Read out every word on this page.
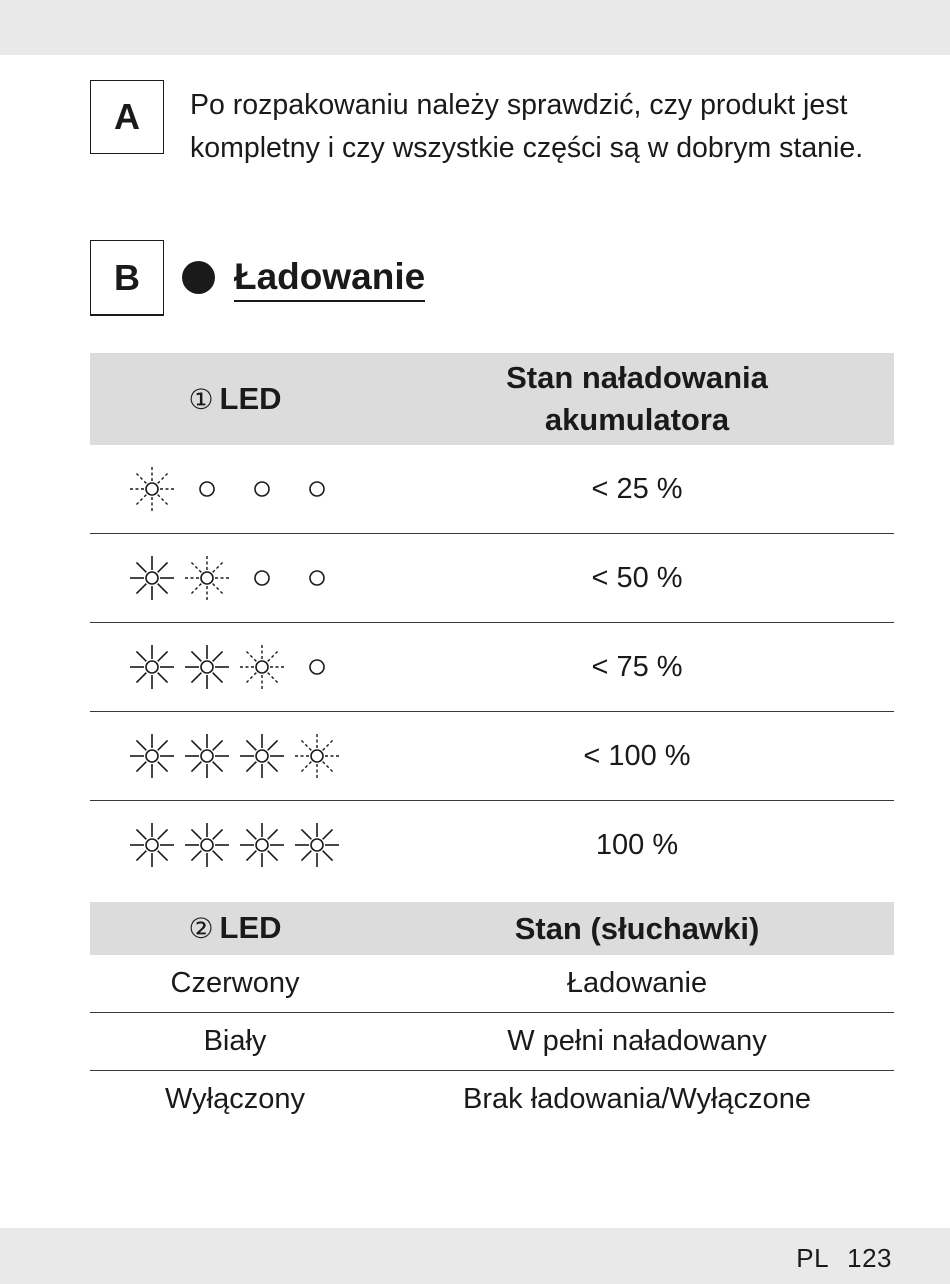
A	Po rozpakowaniu należy sprawdzić, czy produkt jest kompletny i czy wszystkie części są w dobrym stanie.

B	Ładowanie
① LED	Stan naładowania
akumulatora

	< 25 %

	< 50 %

	< 75 %

	< 100 %

	100 %
② LED	Stan (słuchawki)
Czerwony	Ładowanie
Biały	W pełni naładowany
Wyłączony	Brak ładowania/Wyłączone
PL 123
